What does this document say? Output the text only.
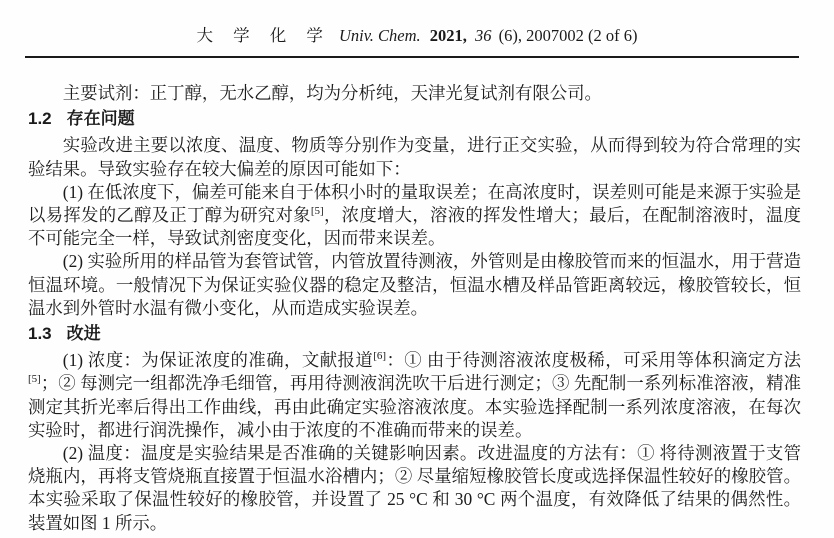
大 学 化 学 Univ. Chem. 2021, 36 (6), 2007002 (2 of 6)

主要试剂：正丁醇，无水乙醇，均为分析纯，天津光复试剂有限公司。

1.2 存在问题

实验改进主要以浓度、温度、物质等分别作为变量，进行正交实验，从而得到较为符合常理的实验结果。导致实验存在较大偏差的原因可能如下：

(1) 在低浓度下，偏差可能来自于体积小时的量取误差；在高浓度时，误差则可能是来源于实验是以易挥发的乙醇及正丁醇为研究对象[5]，浓度增大，溶液的挥发性增大；最后，在配制溶液时，温度不可能完全一样，导致试剂密度变化，因而带来误差。

(2) 实验所用的样品管为套管试管，内管放置待测液，外管则是由橡胶管而来的恒温水，用于营造恒温环境。一般情况下为保证实验仪器的稳定及整洁，恒温水槽及样品管距离较远，橡胶管较长，恒温水到外管时水温有微小变化，从而造成实验误差。

1.3 改进

(1) 浓度：为保证浓度的准确，文献报道[6]：① 由于待测溶液浓度极稀，可采用等体积滴定方法[5]；② 每测完一组都洗净毛细管，再用待测液润洗吹干后进行测定；③ 先配制一系列标准溶液，精准测定其折光率后得出工作曲线，再由此确定实验溶液浓度。本实验选择配制一系列浓度溶液，在每次实验时，都进行润洗操作，减小由于浓度的不准确而带来的误差。

(2) 温度：温度是实验结果是否准确的关键影响因素。改进温度的方法有：① 将待测液置于支管烧瓶内，再将支管烧瓶直接置于恒温水浴槽内；② 尽量缩短橡胶管长度或选择保温性较好的橡胶管。本实验采取了保温性较好的橡胶管，并设置了 25 °C 和 30 °C 两个温度，有效降低了结果的偶然性。装置如图 1 所示。
